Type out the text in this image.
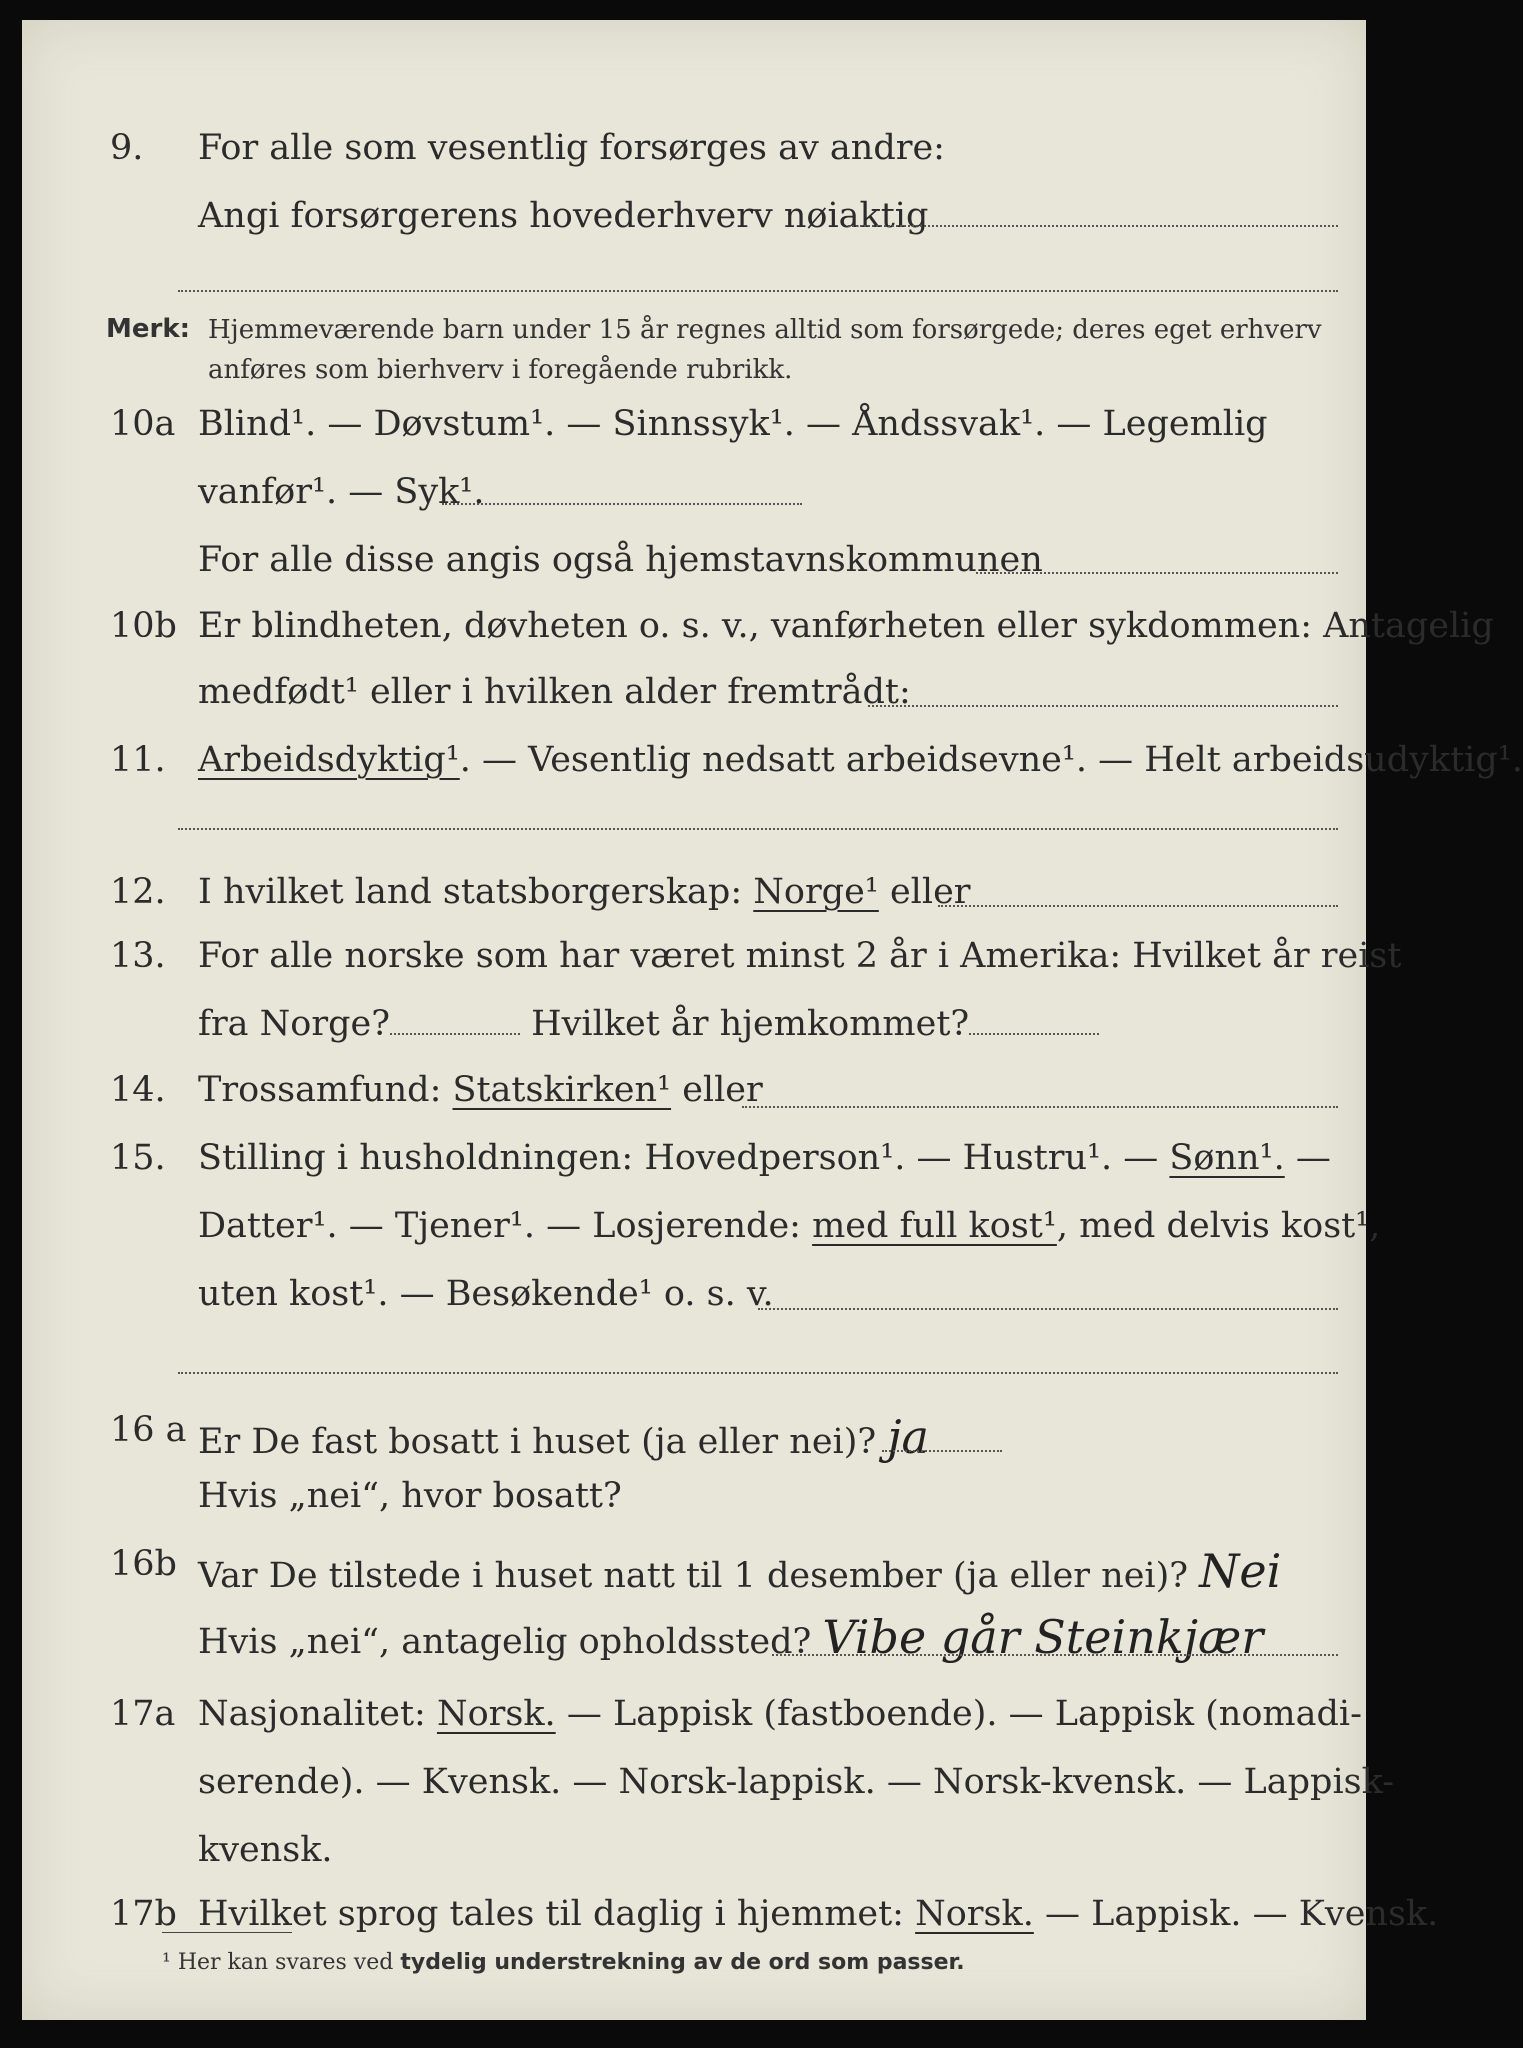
9. For alle som vesentlig forsørges av andre:
Angi forsørgerens hovederhverv nøiaktig
Merk: Hjemmeværende barn under 15 år regnes alltid som forsørgede; deres eget erhverv
anføres som bierhverv i foregående rubrikk.
10a Blind¹. — Døvstum¹. — Sinnssyk¹. — Åndssvak¹. — Legemlig
vanfør¹. — Syk¹.
For alle disse angis også hjemstavnskommunen
10b Er blindheten, døvheten o. s. v., vanførheten eller sykdommen: Antagelig
medfødt¹ eller i hvilken alder fremtrådt:
11. Arbeidsdyktig¹. — Vesentlig nedsatt arbeidsevne¹. — Helt arbeidsudyktig¹.
12. I hvilket land statsborgerskap: Norge¹ eller
13. For alle norske som har været minst 2 år i Amerika: Hvilket år reist
fra Norge?	Hvilket år hjemkommet?
14. Trossamfund: Statskirken¹ eller
15. Stilling i husholdningen: Hovedperson¹. — Hustru¹. — Sønn¹. —
Datter¹. — Tjener¹. — Losjerende: med full kost¹, med delvis kost¹,
uten kost¹. — Besøkende¹ o. s. v.
16 a Er De fast bosatt i huset (ja eller nei)? ja
Hvis „nei“, hvor bosatt?
16b Var De tilstede i huset natt til 1 desember (ja eller nei)? Nei
Hvis „nei“, antagelig opholdssted? Vibe går Steinkjær
17a Nasjonalitet: Norsk. — Lappisk (fastboende). — Lappisk (nomadi-
serende). — Kvensk. — Norsk-lappisk. — Norsk-kvensk. — Lappisk-
kvensk.
17b Hvilket sprog tales til daglig i hjemmet: Norsk. — Lappisk. — Kvensk.
¹ Her kan svares ved tydelig understrekning av de ord som passer.
